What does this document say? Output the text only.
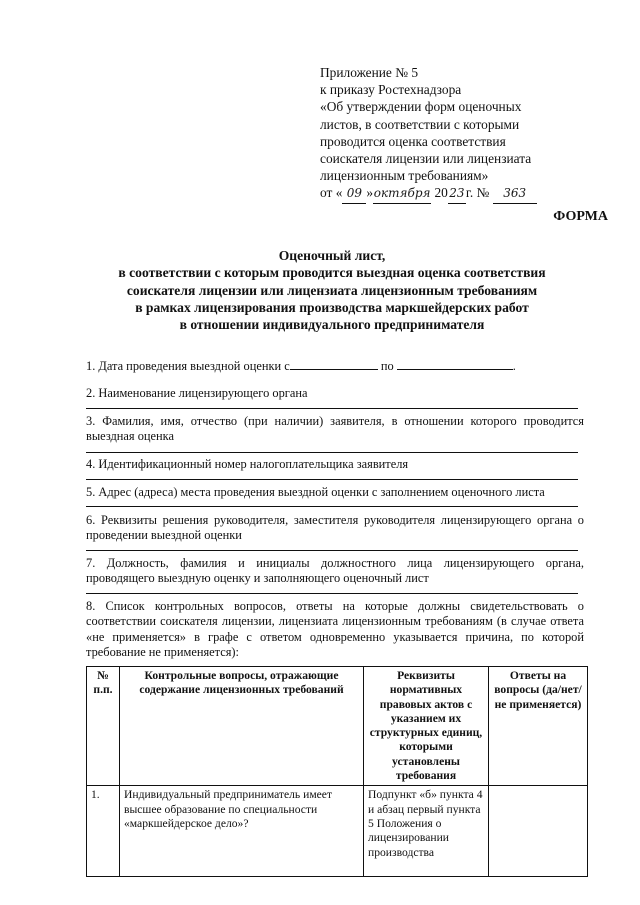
Приложение № 5
к приказу Ростехнадзора
«Об утверждении форм оценочных
листов, в соответствии с которыми
проводится оценка соответствия
соискателя лицензии или лицензиата
лицензионным требованиям»
от « 09 »октября 2023г. № 363
ФОРМА
Оценочный лист,
в соответствии с которым проводится выездная оценка соответствия
соискателя лицензии или лицензиата лицензионным требованиям
в рамках лицензирования производства маркшейдерских работ
в отношении индивидуального предпринимателя
1. Дата проведения выездной оценки с	по	.
2. Наименование лицензирующего органа
3. Фамилия, имя, отчество (при наличии) заявителя, в отношении которого проводится выездная оценка
4. Идентификационный номер налогоплательщика заявителя
5. Адрес (адреса) места проведения выездной оценки с заполнением оценочного листа
6. Реквизиты решения руководителя, заместителя руководителя лицензирующего органа о проведении выездной оценки
7. Должность, фамилия и инициалы должностного лица лицензирующего органа, проводящего выездную оценку и заполняющего оценочный лист
8. Список контрольных вопросов, ответы на которые должны свидетельствовать о соответствии соискателя лицензии, лицензиата лицензионным требованиям (в случае ответа «не применяется» в графе с ответом одновременно указывается причина, по которой требование не применяется):
№ п.п.	Контрольные вопросы, отражающие содержание лицензионных требований	Реквизиты нормативных правовых актов с указанием их структурных единиц, которыми установлены требования	Ответы на вопросы (да/нет/ не применяется)
1.	Индивидуальный предприниматель имеет высшее образование по специальности «маркшейдерское дело»?	Подпункт «б» пункта 4 и абзац первый пункта 5 Положения о лицензировании производства	
